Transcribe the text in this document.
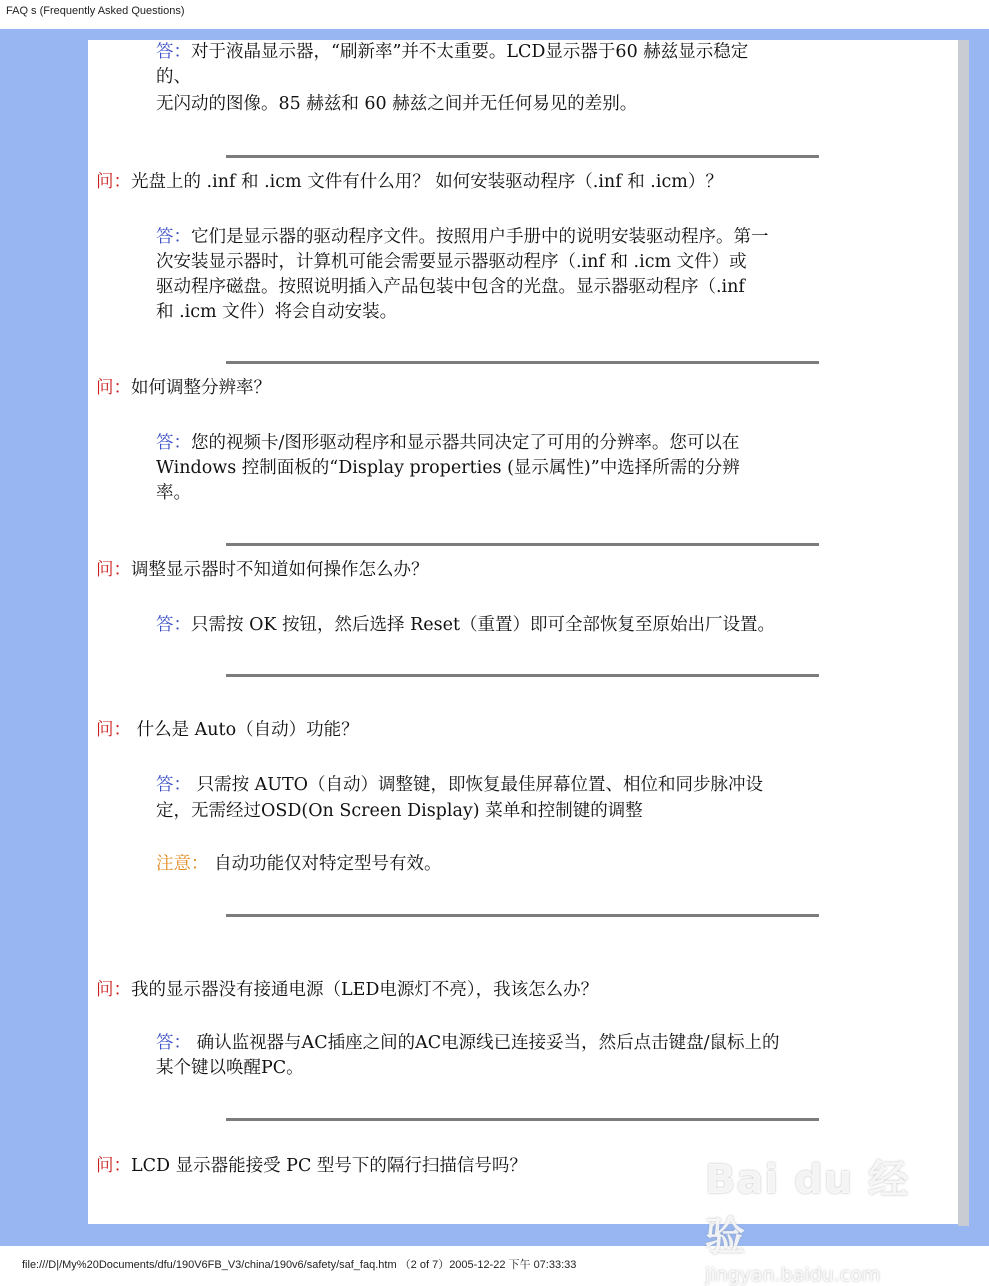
FAQ s (Frequently Asked Questions)
答：对于液晶显示器，“刷新率”并不太重要。LCD显示器于60 赫兹显示稳定
的、
无闪动的图像。85 赫兹和 60 赫兹之间并无任何易见的差别。
问：光盘上的 .inf 和 .icm 文件有什么用？ 如何安装驱动程序（.inf 和 .icm）？
答：它们是显示器的驱动程序文件。按照用户手册中的说明安装驱动程序。第一
次安装显示器时，计算机可能会需要显示器驱动程序（.inf 和 .icm 文件）或
驱动程序磁盘。按照说明插入产品包装中包含的光盘。显示器驱动程序（.inf
和 .icm 文件）将会自动安装。
问：如何调整分辨率？
答：您的视频卡/图形驱动程序和显示器共同决定了可用的分辨率。您可以在
Windows 控制面板的“Display properties (显示属性)”中选择所需的分辨
率。
问：调整显示器时不知道如何操作怎么办？
答：只需按 OK 按钮，然后选择 Reset（重置）即可全部恢复至原始出厂设置。
问： 什么是 Auto（自动）功能？
答： 只需按 AUTO（自动）调整键，即恢复最佳屏幕位置、相位和同步脉冲设
定，无需经过OSD(On Screen Display) 菜单和控制键的调整
注意： 自动功能仅对特定型号有效。
问：我的显示器没有接通电源（LED电源灯不亮），我该怎么办？
答： 确认监视器与AC插座之间的AC电源线已连接妥当，然后点击键盘/鼠标上的
某个键以唤醒PC。
问：LCD 显示器能接受 PC 型号下的隔行扫描信号吗？	Bai du 经验
jingyan.baidu.com
file:///D|/My%20Documents/dfu/190V6FB_V3/china/190v6/safety/saf_faq.htm （2 of 7）2005-12-22 下午 07:33:33
